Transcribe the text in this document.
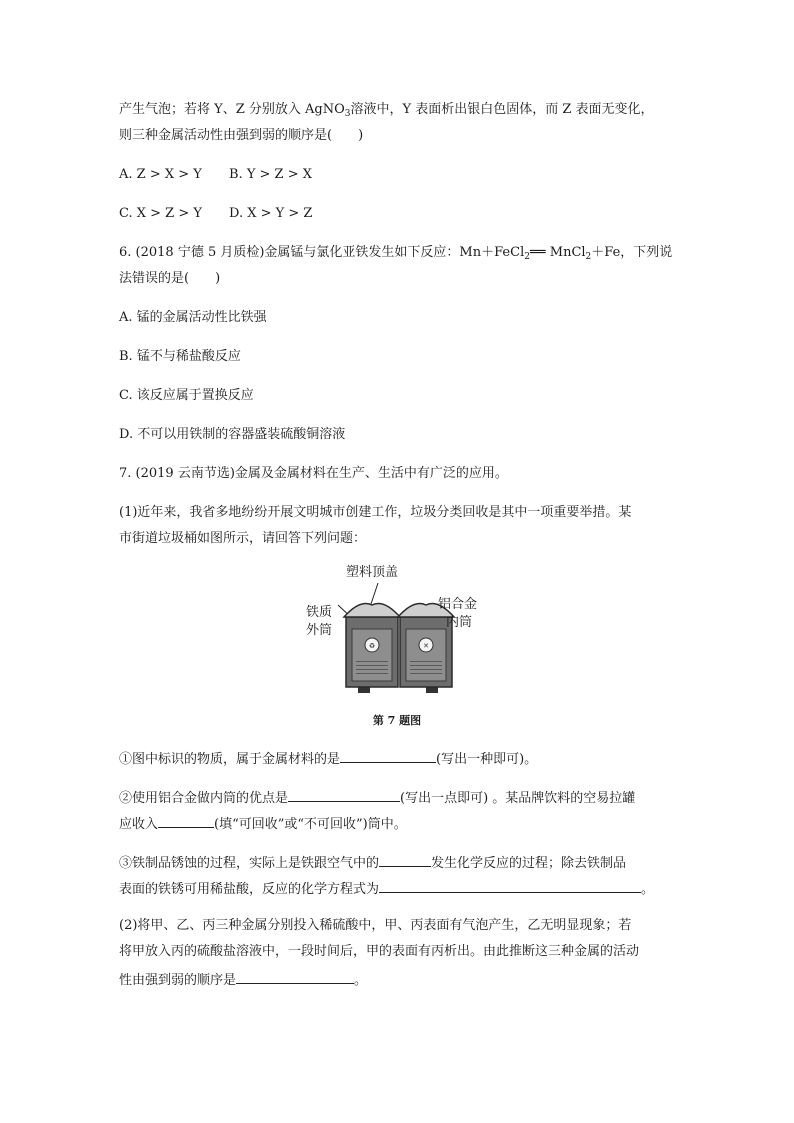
产生气泡；若将 Y、Z 分别放入 AgNO$_3$溶液中，Y 表面析出银白色固体，而 Z 表面无变化，
则三种金属活动性由强到弱的顺序是(　　)
A. Z > X > Y B. Y > Z > X
C. X > Z > Y D. X > Y > Z
6. (2018 宁德 5 月质检)金属锰与氯化亚铁发生如下反应：Mn＋FeCl$_2$══ MnCl$_2$＋Fe，下列说
法错误的是(　　)
A. 锰的金属活动性比铁强
B. 锰不与稀盐酸反应
C. 该反应属于置换反应
D. 不可以用铁制的容器盛装硫酸铜溶液
7. (2019 云南节选)金属及金属材料在生产、生活中有广泛的应用。
(1)近年来，我省多地纷纷开展文明城市创建工作，垃圾分类回收是其中一项重要举措。某
市街道垃圾桶如图所示，请回答下列问题：
♻	✕
塑料顶盖
铁质
外筒
铝合金
内筒
第 7 题图
①图中标识的物质，属于金属材料的是	(写出一种即可)。
②使用铝合金做内筒的优点是	(写出一点即可) 。某品牌饮料的空易拉罐
应收入	(填“可回收”或“不可回收”)筒中。
③铁制品锈蚀的过程，实际上是铁跟空气中的	发生化学反应的过程；除去铁制品
表面的铁锈可用稀盐酸，反应的化学方程式为	。
(2)将甲、乙、丙三种金属分别投入稀硫酸中，甲、丙表面有气泡产生，乙无明显现象；若
将甲放入丙的硫酸盐溶液中，一段时间后，甲的表面有丙析出。由此推断这三种金属的活动
性由强到弱的顺序是	。
